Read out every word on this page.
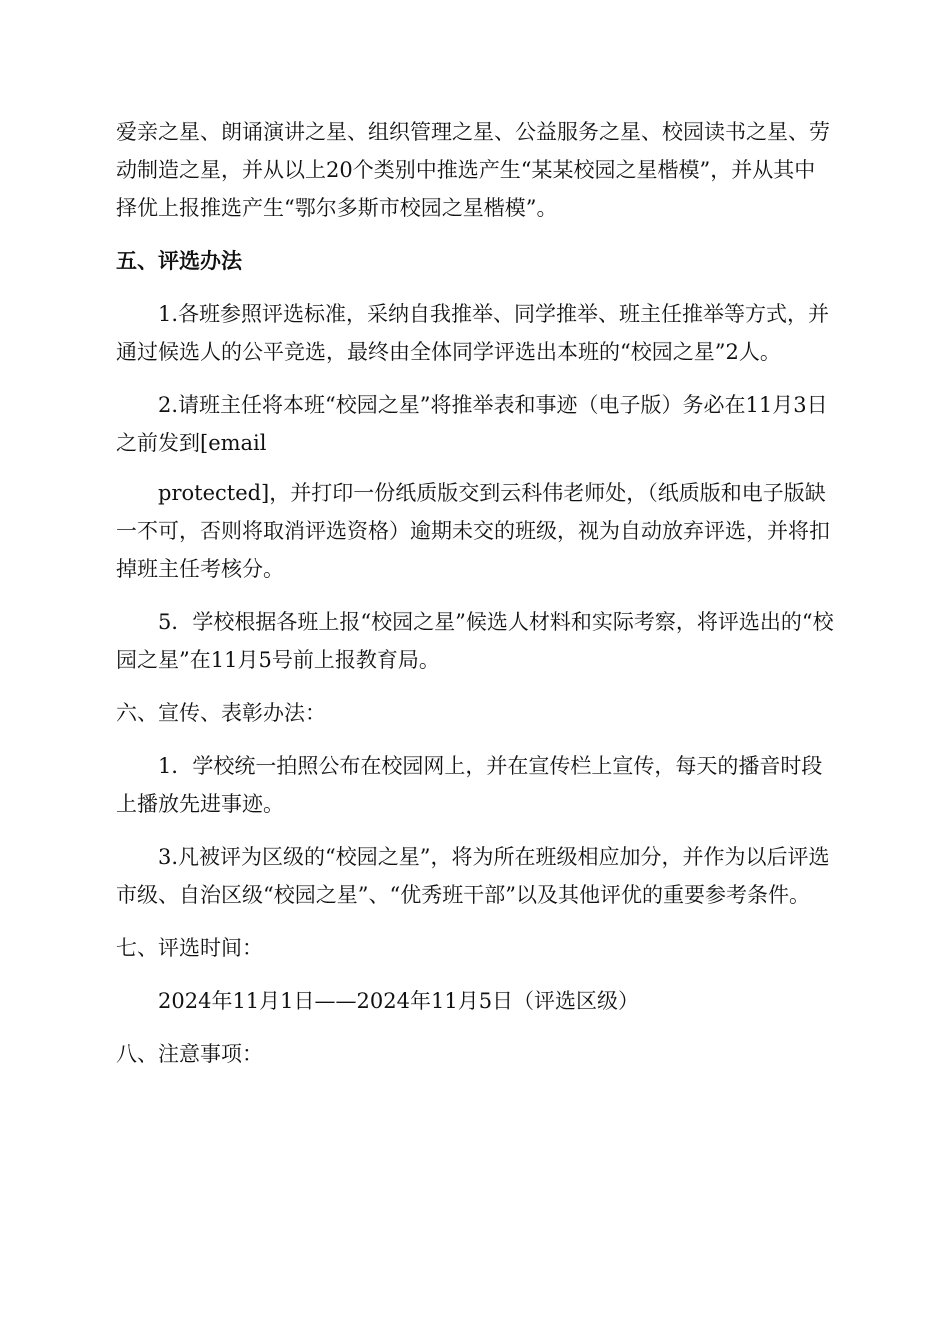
爱亲之星、朗诵演讲之星、组织管理之星、公益服务之星、校园读书之星、劳动制造之星，并从以上20个类别中推选产生“某某校园之星楷模”，并从其中择优上报推选产生“鄂尔多斯市校园之星楷模”。

五、评选办法

1.各班参照评选标准，采纳自我推举、同学推举、班主任推举等方式，并通过候选人的公平竞选，最终由全体同学评选出本班的“校园之星”2人。

2.请班主任将本班“校园之星”将推举表和事迹（电子版）务必在11月3日之前发到[email

protected]，并打印一份纸质版交到云科伟老师处，（纸质版和电子版缺一不可，否则将取消评选资格）逾期未交的班级，视为自动放弃评选，并将扣掉班主任考核分。

5．学校根据各班上报“校园之星”候选人材料和实际考察，将评选出的“校园之星”在11月5号前上报教育局。

六、宣传、表彰办法：

1．学校统一拍照公布在校园网上，并在宣传栏上宣传，每天的播音时段上播放先进事迹。

3.凡被评为区级的“校园之星”，将为所在班级相应加分，并作为以后评选市级、自治区级“校园之星”、“优秀班干部”以及其他评优的重要参考条件。

七、评选时间：

2024年11月1日——2024年11月5日（评选区级）

八、注意事项：
